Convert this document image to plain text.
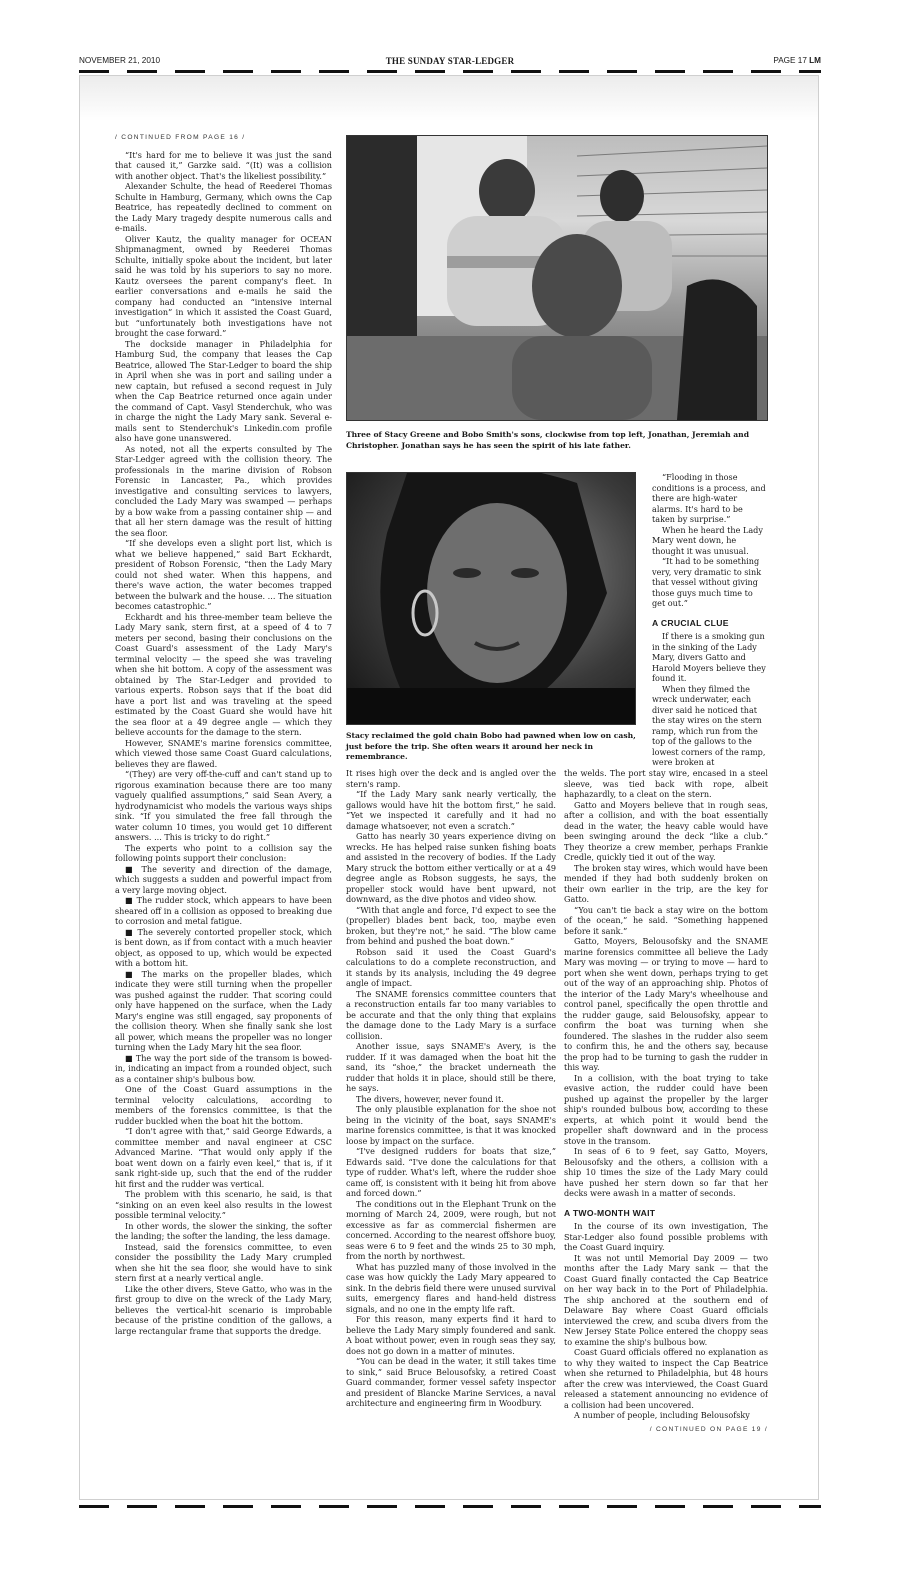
NOVEMBER 21, 2010	THE SUNDAY STAR-LEDGER	PAGE 17 LM
Three of Stacy Greene and Bobo Smith's sons, clockwise from top left, Jonathan, Jeremiah and Christopher. Jonathan says he has seen the spirit of his late father.
Stacy reclaimed the gold chain Bobo had pawned when low on cash, just before the trip. She often wears it around her neck in remembrance.
/ CONTINUED FROM PAGE 16 /

“It's hard for me to believe it was just the sand that caused it,” Garzke said. “(It) was a collision with another object. That's the likeliest possibility.”

Alexander Schulte, the head of Reederei Thomas Schulte in Hamburg, Germany, which owns the Cap Beatrice, has repeatedly declined to comment on the Lady Mary tragedy despite numerous calls and e-mails.

Oliver Kautz, the quality manager for OCEAN Shipmanagment, owned by Reederei Thomas Schulte, initially spoke about the incident, but later said he was told by his superiors to say no more. Kautz oversees the parent company's fleet. In earlier conversations and e-mails he said the company had conducted an “intensive internal investigation” in which it assisted the Coast Guard, but “unfortunately both investigations have not brought the case forward.”

The dockside manager in Philadelphia for Hamburg Sud, the company that leases the Cap Beatrice, allowed The Star-Ledger to board the ship in April when she was in port and sailing under a new captain, but refused a second request in July when the Cap Beatrice returned once again under the command of Capt. Vasyl Stenderchuk, who was in charge the night the Lady Mary sank. Several e-mails sent to Stenderchuk's Linkedin.com profile also have gone unanswered.

As noted, not all the experts consulted by The Star-Ledger agreed with the collision theory. The professionals in the marine division of Robson Forensic in Lancaster, Pa., which provides investigative and consulting services to lawyers, concluded the Lady Mary was swamped — perhaps by a bow wake from a passing container ship — and that all her stern damage was the result of hitting the sea floor.

“If she develops even a slight port list, which is what we believe happened,” said Bart Eckhardt, president of Robson Forensic, “then the Lady Mary could not shed water. When this happens, and there's wave action, the water becomes trapped between the bulwark and the house. ... The situation becomes catastrophic.”

Eckhardt and his three-member team believe the Lady Mary sank, stern first, at a speed of 4 to 7 meters per second, basing their conclusions on the Coast Guard's assessment of the Lady Mary's terminal velocity — the speed she was traveling when she hit bottom. A copy of the assessment was obtained by The Star-Ledger and provided to various experts. Robson says that if the boat did have a port list and was traveling at the speed estimated by the Coast Guard she would have hit the sea floor at a 49 degree angle — which they believe accounts for the damage to the stern.

However, SNAME's marine forensics committee, which viewed those same Coast Guard calculations, believes they are flawed.

“(They) are very off-the-cuff and can't stand up to rigorous examination because there are too many vaguely qualified assumptions,” said Sean Avery, a hydrodynamicist who models the various ways ships sink. “If you simulated the free fall through the water column 10 times, you would get 10 different answers. ... This is tricky to do right.”

The experts who point to a collision say the following points support their conclusion:

■ The severity and direction of the damage, which suggests a sudden and powerful impact from a very large moving object.

■ The rudder stock, which appears to have been sheared off in a collision as opposed to breaking due to corrosion and metal fatigue.

■ The severely contorted propeller stock, which is bent down, as if from contact with a much heavier object, as opposed to up, which would be expected with a bottom hit.

■ The marks on the propeller blades, which indicate they were still turning when the propeller was pushed against the rudder. That scoring could only have happened on the surface, when the Lady Mary's engine was still engaged, say proponents of the collision theory. When she finally sank she lost all power, which means the propeller was no longer turning when the Lady Mary hit the sea floor.

■ The way the port side of the transom is bowed-in, indicating an impact from a rounded object, such as a container ship's bulbous bow.

One of the Coast Guard assumptions in the terminal velocity calculations, according to members of the forensics committee, is that the rudder buckled when the boat hit the bottom.

“I don't agree with that,” said George Edwards, a committee member and naval engineer at CSC Advanced Marine. “That would only apply if the boat went down on a fairly even keel,” that is, if it sank right-side up, such that the end of the rudder hit first and the rudder was vertical.

The problem with this scenario, he said, is that “sinking on an even keel also results in the lowest possible terminal velocity.”

In other words, the slower the sinking, the softer the landing; the softer the landing, the less damage.

Instead, said the forensics committee, to even consider the possibility the Lady Mary crumpled when she hit the sea floor, she would have to sink stern first at a nearly vertical angle.

Like the other divers, Steve Gatto, who was in the first group to dive on the wreck of the Lady Mary, believes the vertical-hit scenario is improbable because of the pristine condition of the gallows, a large rectangular frame that supports the dredge.

“Flooding in those conditions is a process, and there are high-water alarms. It's hard to be taken by surprise.”

When he heard the Lady Mary went down, he thought it was unusual.

“It had to be something very, very dramatic to sink that vessel without giving those guys much time to get out.”

A CRUCIAL CLUE

If there is a smoking gun in the sinking of the Lady Mary, divers Gatto and Harold Moyers believe they found it.

When they filmed the wreck underwater, each diver said he noticed that the stay wires on the stern ramp, which run from the top of the gallows to the lowest corners of the ramp, were broken at

It rises high over the deck and is angled over the stern's ramp.

“If the Lady Mary sank nearly vertically, the gallows would have hit the bottom first,” he said. “Yet we inspected it carefully and it had no damage whatsoever, not even a scratch.”

Gatto has nearly 30 years experience diving on wrecks. He has helped raise sunken fishing boats and assisted in the recovery of bodies. If the Lady Mary struck the bottom either vertically or at a 49 degree angle as Robson suggests, he says, the propeller stock would have bent upward, not downward, as the dive photos and video show.

“With that angle and force, I'd expect to see the (propeller) blades bent back, too, maybe even broken, but they're not,” he said. “The blow came from behind and pushed the boat down.”

Robson said it used the Coast Guard's calculations to do a complete reconstruction, and it stands by its analysis, including the 49 degree angle of impact.

The SNAME forensics committee counters that a reconstruction entails far too many variables to be accurate and that the only thing that explains the damage done to the Lady Mary is a surface collision.

Another issue, says SNAME's Avery, is the rudder. If it was damaged when the boat hit the sand, its “shoe,” the bracket underneath the rudder that holds it in place, should still be there, he says.

The divers, however, never found it.

The only plausible explanation for the shoe not being in the vicinity of the boat, says SNAME's marine forensics committee, is that it was knocked loose by impact on the surface.

“I've designed rudders for boats that size,” Edwards said. “I've done the calculations for that type of rudder. What's left, where the rudder shoe came off, is consistent with it being hit from above and forced down.”

The conditions out in the Elephant Trunk on the morning of March 24, 2009, were rough, but not excessive as far as commercial fishermen are concerned. According to the nearest offshore buoy, seas were 6 to 9 feet and the winds 25 to 30 mph, from the north by northwest.

What has puzzled many of those involved in the case was how quickly the Lady Mary appeared to sink. In the debris field there were unused survival suits, emergency flares and hand-held distress signals, and no one in the empty life raft.

For this reason, many experts find it hard to believe the Lady Mary simply foundered and sank. A boat without power, even in rough seas they say, does not go down in a matter of minutes.

“You can be dead in the water, it still takes time to sink,” said Bruce Belousofsky, a retired Coast Guard commander, former vessel safety inspector and president of Blancke Marine Services, a naval architecture and engineering firm in Woodbury.

the welds. The port stay wire, encased in a steel sleeve, was tied back with rope, albeit haphazardly, to a cleat on the stern.

Gatto and Moyers believe that in rough seas, after a collision, and with the boat essentially dead in the water, the heavy cable would have been swinging around the deck “like a club.” They theorize a crew member, perhaps Frankie Credle, quickly tied it out of the way.

The broken stay wires, which would have been mended if they had both suddenly broken on their own earlier in the trip, are the key for Gatto.

“You can't tie back a stay wire on the bottom of the ocean,” he said. “Something happened before it sank.”

Gatto, Moyers, Belousofsky and the SNAME marine forensics committee all believe the Lady Mary was moving — or trying to move — hard to port when she went down, perhaps trying to get out of the way of an approaching ship. Photos of the interior of the Lady Mary's wheelhouse and control panel, specifically the open throttle and the rudder gauge, said Belousofsky, appear to confirm the boat was turning when she foundered. The slashes in the rudder also seem to confirm this, he and the others say, because the prop had to be turning to gash the rudder in this way.

In a collision, with the boat trying to take evasive action, the rudder could have been pushed up against the propeller by the larger ship's rounded bulbous bow, according to these experts, at which point it would bend the propeller shaft downward and in the process stove in the transom.

In seas of 6 to 9 feet, say Gatto, Moyers, Belousofsky and the others, a collision with a ship 10 times the size of the Lady Mary could have pushed her stern down so far that her decks were awash in a matter of seconds.

A TWO-MONTH WAIT

In the course of its own investigation, The Star-Ledger also found possible problems with the Coast Guard inquiry.

It was not until Memorial Day 2009 — two months after the Lady Mary sank — that the Coast Guard finally contacted the Cap Beatrice on her way back in to the Port of Philadelphia. The ship anchored at the southern end of Delaware Bay where Coast Guard officials interviewed the crew, and scuba divers from the New Jersey State Police entered the choppy seas to examine the ship's bulbous bow.

Coast Guard officials offered no explanation as to why they waited to inspect the Cap Beatrice when she returned to Philadelphia, but 48 hours after the crew was interviewed, the Coast Guard released a statement announcing no evidence of a collision had been uncovered.

A number of people, including Belousofsky

/ CONTINUED ON PAGE 19 /
